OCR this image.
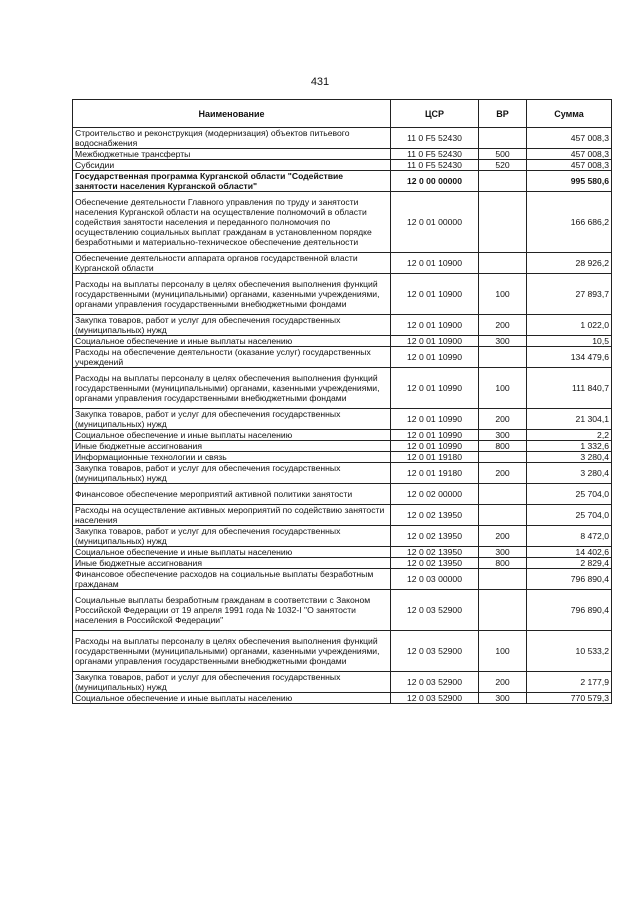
431
Наименование	ЦСР	ВР	Сумма
Строительство и реконструкция (модернизация) объектов питьевого водоснабжения	11 0 F5 52430		457 008,3
Межбюджетные трансферты	11 0 F5 52430	500	457 008,3
Субсидии	11 0 F5 52430	520	457 008,3
Государственная программа Курганской области "Содействие занятости населения Курганской области"	12 0 00 00000		995 580,6
Обеспечение деятельности Главного управления по труду и занятости населения Курганской области на осуществление полномочий в области содействия занятости населения и переданного полномочия по осуществлению социальных выплат гражданам в установленном порядке безработными и материально-техническое обеспечение деятельности	12 0 01 00000		166 686,2
Обеспечение деятельности аппарата органов государственной власти Курганской области	12 0 01 10900		28 926,2
Расходы на выплаты персоналу в целях обеспечения выполнения функций государственными (муниципальными) органами, казенными учреждениями, органами управления государственными внебюджетными фондами	12 0 01 10900	100	27 893,7
Закупка товаров, работ и услуг для обеспечения государственных (муниципальных) нужд	12 0 01 10900	200	1 022,0
Социальное обеспечение и иные выплаты населению	12 0 01 10900	300	10,5
Расходы на обеспечение деятельности (оказание услуг) государственных учреждений	12 0 01 10990		134 479,6
Расходы на выплаты персоналу в целях обеспечения выполнения функций государственными (муниципальными) органами, казенными учреждениями, органами управления государственными внебюджетными фондами	12 0 01 10990	100	111 840,7
Закупка товаров, работ и услуг для обеспечения государственных (муниципальных) нужд	12 0 01 10990	200	21 304,1
Социальное обеспечение и иные выплаты населению	12 0 01 10990	300	2,2
Иные бюджетные ассигнования	12 0 01 10990	800	1 332,6
Информационные технологии и связь	12 0 01 19180		3 280,4
Закупка товаров, работ и услуг для обеспечения государственных (муниципальных) нужд	12 0 01 19180	200	3 280,4
Финансовое обеспечение мероприятий активной политики занятости	12 0 02 00000		25 704,0
Расходы на осуществление активных мероприятий по содействию занятости населения	12 0 02 13950		25 704,0
Закупка товаров, работ и услуг для обеспечения государственных (муниципальных) нужд	12 0 02 13950	200	8 472,0
Социальное обеспечение и иные выплаты населению	12 0 02 13950	300	14 402,6
Иные бюджетные ассигнования	12 0 02 13950	800	2 829,4
Финансовое обеспечение расходов на социальные выплаты безработным гражданам	12 0 03 00000		796 890,4
Социальные выплаты безработным гражданам в соответствии с Законом Российской Федерации от 19 апреля 1991 года № 1032-I "О занятости населения в Российской Федерации"	12 0 03 52900		796 890,4
Расходы на выплаты персоналу в целях обеспечения выполнения функций государственными (муниципальными) органами, казенными учреждениями, органами управления государственными внебюджетными фондами	12 0 03 52900	100	10 533,2
Закупка товаров, работ и услуг для обеспечения государственных (муниципальных) нужд	12 0 03 52900	200	2 177,9
Социальное обеспечение и иные выплаты населению	12 0 03 52900	300	770 579,3
